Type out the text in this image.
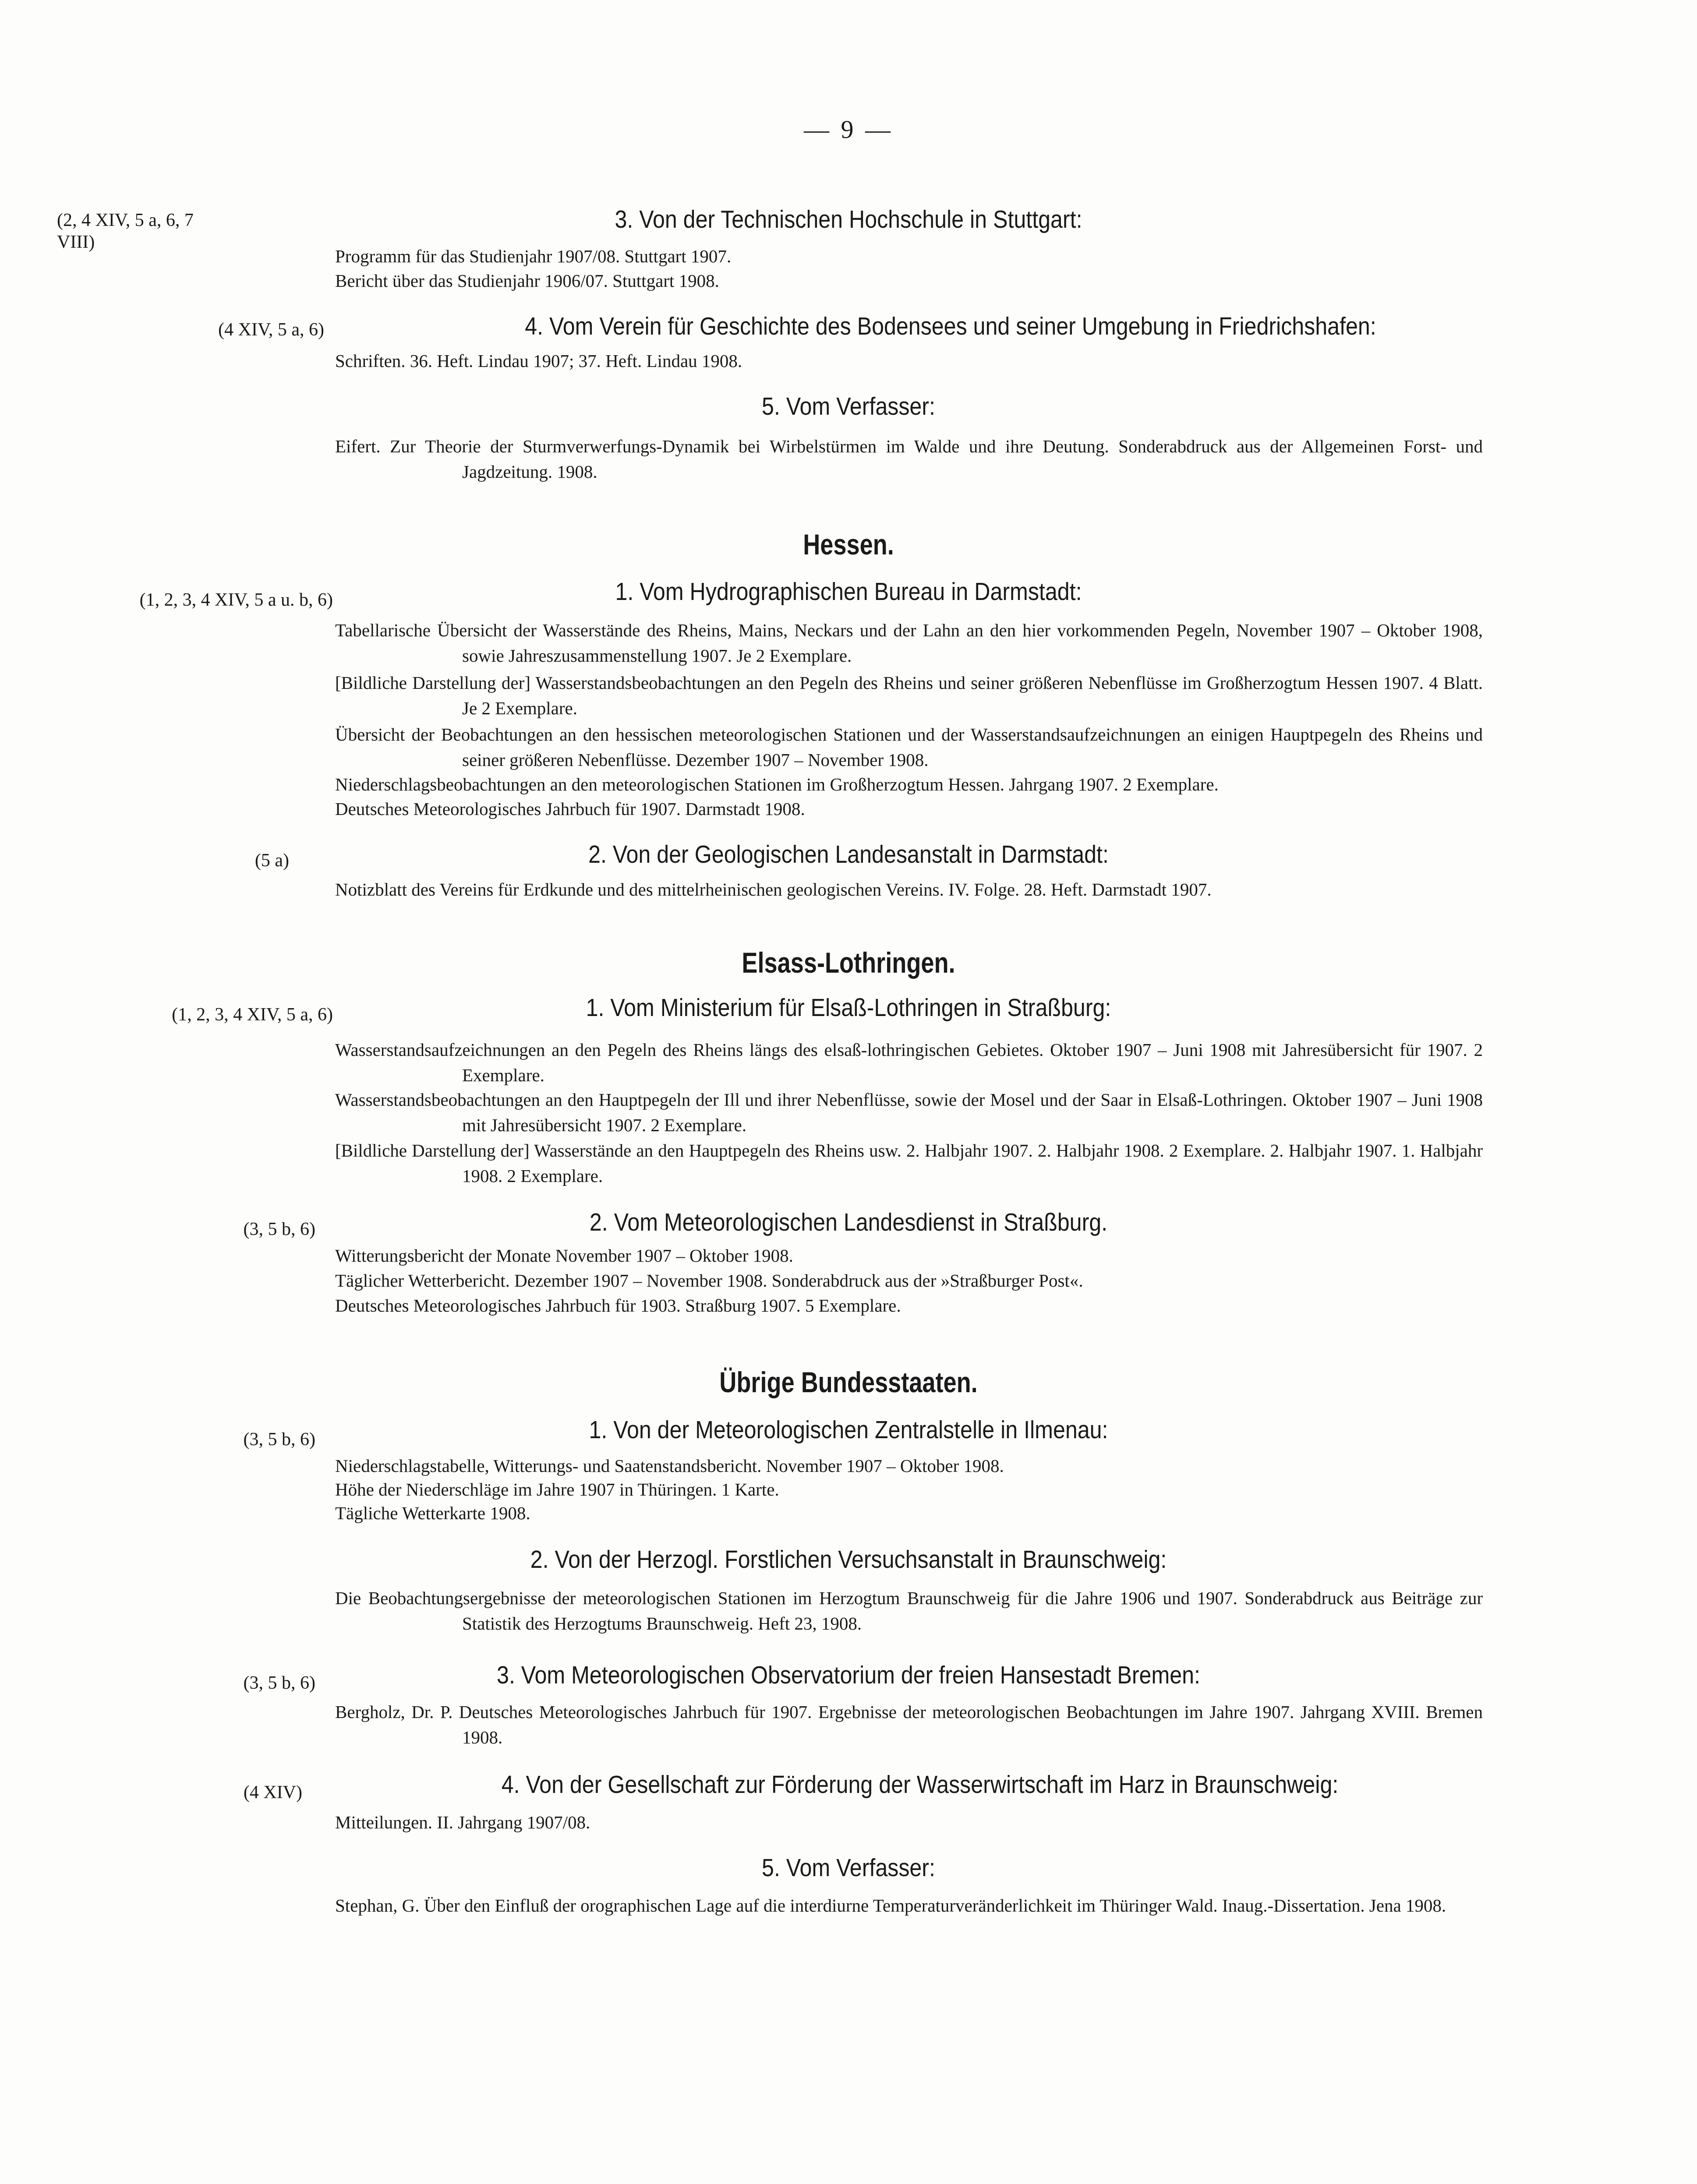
— 9 —
(2, 4 XIV, 5 a, 6, 7 VIII)
3. Von der Technischen Hochschule in Stuttgart:
Programm für das Studienjahr 1907/08. Stuttgart 1907.
Bericht über das Studienjahr 1906/07. Stuttgart 1908.
(4 XIV, 5 a, 6)	4. Vom Verein für Geschichte des Bodensees und seiner Umgebung in Friedrichshafen:
Schriften. 36. Heft. Lindau 1907; 37. Heft. Lindau 1908.
5. Vom Verfasser:
Eifert. Zur Theorie der Sturmverwerfungs-Dynamik bei Wirbelstürmen im Walde und ihre Deutung. Sonderabdruck aus der Allgemeinen Forst- und Jagdzeitung. 1908.
Hessen.
(1, 2, 3, 4 XIV, 5 a u. b, 6)	1. Vom Hydrographischen Bureau in Darmstadt:
Tabellarische Übersicht der Wasserstände des Rheins, Mains, Neckars und der Lahn an den hier vorkommenden Pegeln, November 1907 – Oktober 1908, sowie Jahreszusammenstellung 1907. Je 2 Exemplare.
[Bildliche Darstellung der] Wasserstandsbeobachtungen an den Pegeln des Rheins und seiner größeren Nebenflüsse im Großherzogtum Hessen 1907. 4 Blatt. Je 2 Exemplare.
Übersicht der Beobachtungen an den hessischen meteorologischen Stationen und der Wasserstandsaufzeichnungen an einigen Hauptpegeln des Rheins und seiner größeren Nebenflüsse. Dezember 1907 – November 1908.
Niederschlagsbeobachtungen an den meteorologischen Stationen im Großherzogtum Hessen. Jahrgang 1907. 2 Exemplare.
Deutsches Meteorologisches Jahrbuch für 1907. Darmstadt 1908.
(5 a)	2. Von der Geologischen Landesanstalt in Darmstadt:
Notizblatt des Vereins für Erdkunde und des mittelrheinischen geologischen Vereins. IV. Folge. 28. Heft. Darmstadt 1907.
Elsass-Lothringen.
(1, 2, 3, 4 XIV, 5 a, 6)	1. Vom Ministerium für Elsaß-Lothringen in Straßburg:
Wasserstandsaufzeichnungen an den Pegeln des Rheins längs des elsaß-lothringischen Gebietes. Oktober 1907 – Juni 1908 mit Jahresübersicht für 1907. 2 Exemplare.
Wasserstandsbeobachtungen an den Hauptpegeln der Ill und ihrer Nebenflüsse, sowie der Mosel und der Saar in Elsaß-Lothringen. Oktober 1907 – Juni 1908 mit Jahresübersicht 1907. 2 Exemplare.
[Bildliche Darstellung der] Wasserstände an den Hauptpegeln des Rheins usw. 2. Halbjahr 1907. 2. Halbjahr 1908. 2 Exemplare. 2. Halbjahr 1907. 1. Halbjahr 1908. 2 Exemplare.
(3, 5 b, 6)	2. Vom Meteorologischen Landesdienst in Straßburg.
Witterungsbericht der Monate November 1907 – Oktober 1908.
Täglicher Wetterbericht. Dezember 1907 – November 1908. Sonderabdruck aus der »Straßburger Post«.
Deutsches Meteorologisches Jahrbuch für 1903. Straßburg 1907. 5 Exemplare.
Übrige Bundesstaaten.
(3, 5 b, 6)	1. Von der Meteorologischen Zentralstelle in Ilmenau:
Niederschlagstabelle, Witterungs- und Saatenstandsbericht. November 1907 – Oktober 1908.
Höhe der Niederschläge im Jahre 1907 in Thüringen. 1 Karte.
Tägliche Wetterkarte 1908.
2. Von der Herzogl. Forstlichen Versuchsanstalt in Braunschweig:
Die Beobachtungsergebnisse der meteorologischen Stationen im Herzogtum Braunschweig für die Jahre 1906 und 1907. Sonderabdruck aus Beiträge zur Statistik des Herzogtums Braunschweig. Heft 23, 1908.
(3, 5 b, 6)	3. Vom Meteorologischen Observatorium der freien Hansestadt Bremen:
Bergholz, Dr. P. Deutsches Meteorologisches Jahrbuch für 1907. Ergebnisse der meteorologischen Beobachtungen im Jahre 1907. Jahrgang XVIII. Bremen 1908.
(4 XIV)	4. Von der Gesellschaft zur Förderung der Wasserwirtschaft im Harz in Braunschweig:
Mitteilungen. II. Jahrgang 1907/08.
5. Vom Verfasser:
Stephan, G. Über den Einfluß der orographischen Lage auf die interdiurne Temperaturveränderlichkeit im Thüringer Wald. Inaug.-Dissertation. Jena 1908.
